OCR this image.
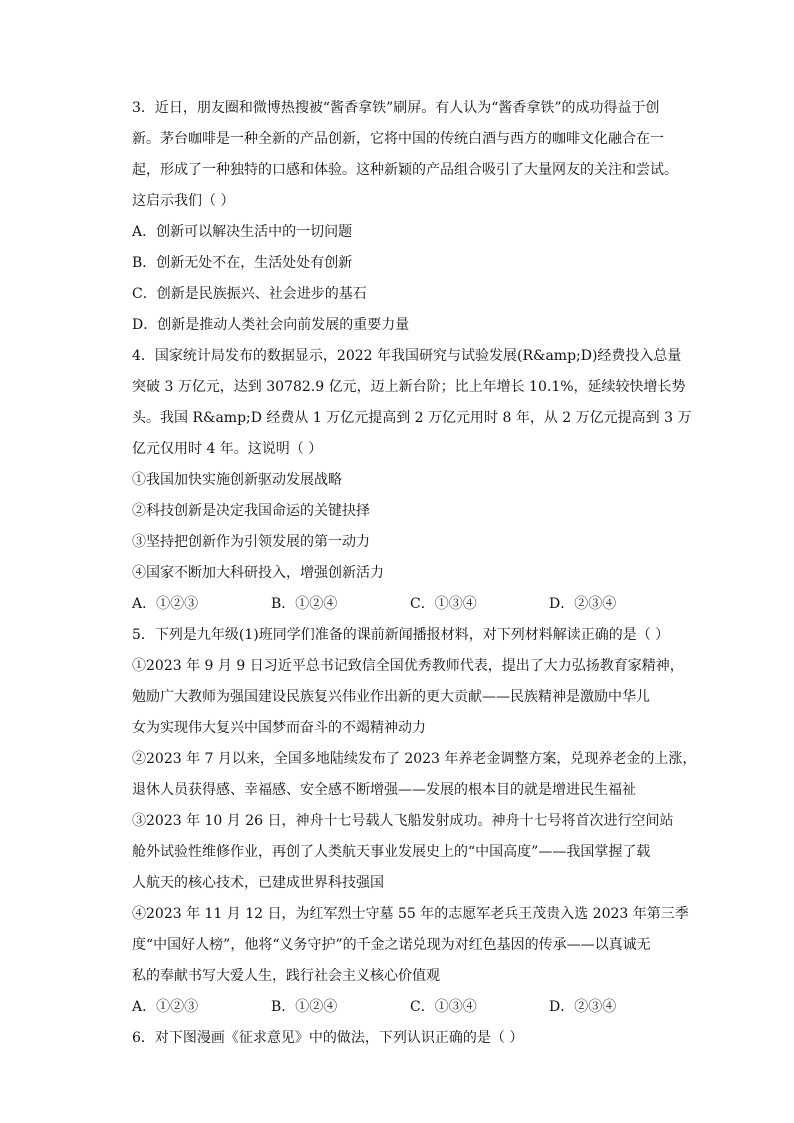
3．近日，朋友圈和微博热搜被“酱香拿铁”刷屏。有人认为“酱香拿铁”的成功得益于创
新。茅台咖啡是一种全新的产品创新，它将中国的传统白酒与西方的咖啡文化融合在一
起，形成了一种独特的口感和体验。这种新颖的产品组合吸引了大量网友的关注和尝试。
这启示我们（ ）
A．创新可以解决生活中的一切问题
B．创新无处不在，生活处处有创新
C．创新是民族振兴、社会进步的基石
D．创新是推动人类社会向前发展的重要力量
4．国家统计局发布的数据显示，2022 年我国研究与试验发展(R&amp;D)经费投入总量
突破 3 万亿元，达到 30782.9 亿元，迈上新台阶；比上年增长 10.1%，延续较快增长势
头。我国 R&amp;D 经费从 1 万亿元提高到 2 万亿元用时 8 年，从 2 万亿元提高到 3 万
亿元仅用时 4 年。这说明（ ）
①我国加快实施创新驱动发展战略
②科技创新是决定我国命运的关键抉择
③坚持把创新作为引领发展的第一动力
④国家不断加大科研投入，增强创新活力
A．①②③	B．①②④	C．①③④	D．②③④
5．下列是九年级(1)班同学们准备的课前新闻播报材料，对下列材料解读正确的是（ ）
①2023 年 9 月 9 日习近平总书记致信全国优秀教师代表，提出了大力弘扬教育家精神，
勉励广大教师为强国建设民族复兴伟业作出新的更大贡献——民族精神是激励中华儿
女为实现伟大复兴中国梦而奋斗的不竭精神动力
②2023 年 7 月以来，全国多地陆续发布了 2023 年养老金调整方案，兑现养老金的上涨，
退休人员获得感、幸福感、安全感不断增强——发展的根本目的就是增进民生福祉
③2023 年 10 月 26 日，神舟十七号载人飞船发射成功。神舟十七号将首次进行空间站
舱外试验性维修作业，再创了人类航天事业发展史上的“中国高度”——我国掌握了载
人航天的核心技术，已建成世界科技强国
④2023 年 11 月 12 日，为红军烈士守墓 55 年的志愿军老兵王茂贵入选 2023 年第三季
度“中国好人榜”，他将“义务守护”的千金之诺兑现为对红色基因的传承——以真诚无
私的奉献书写大爱人生，践行社会主义核心价值观
A．①②③	B．①②④	C．①③④	D．②③④
6．对下图漫画《征求意见》中的做法，下列认识正确的是（ ）
